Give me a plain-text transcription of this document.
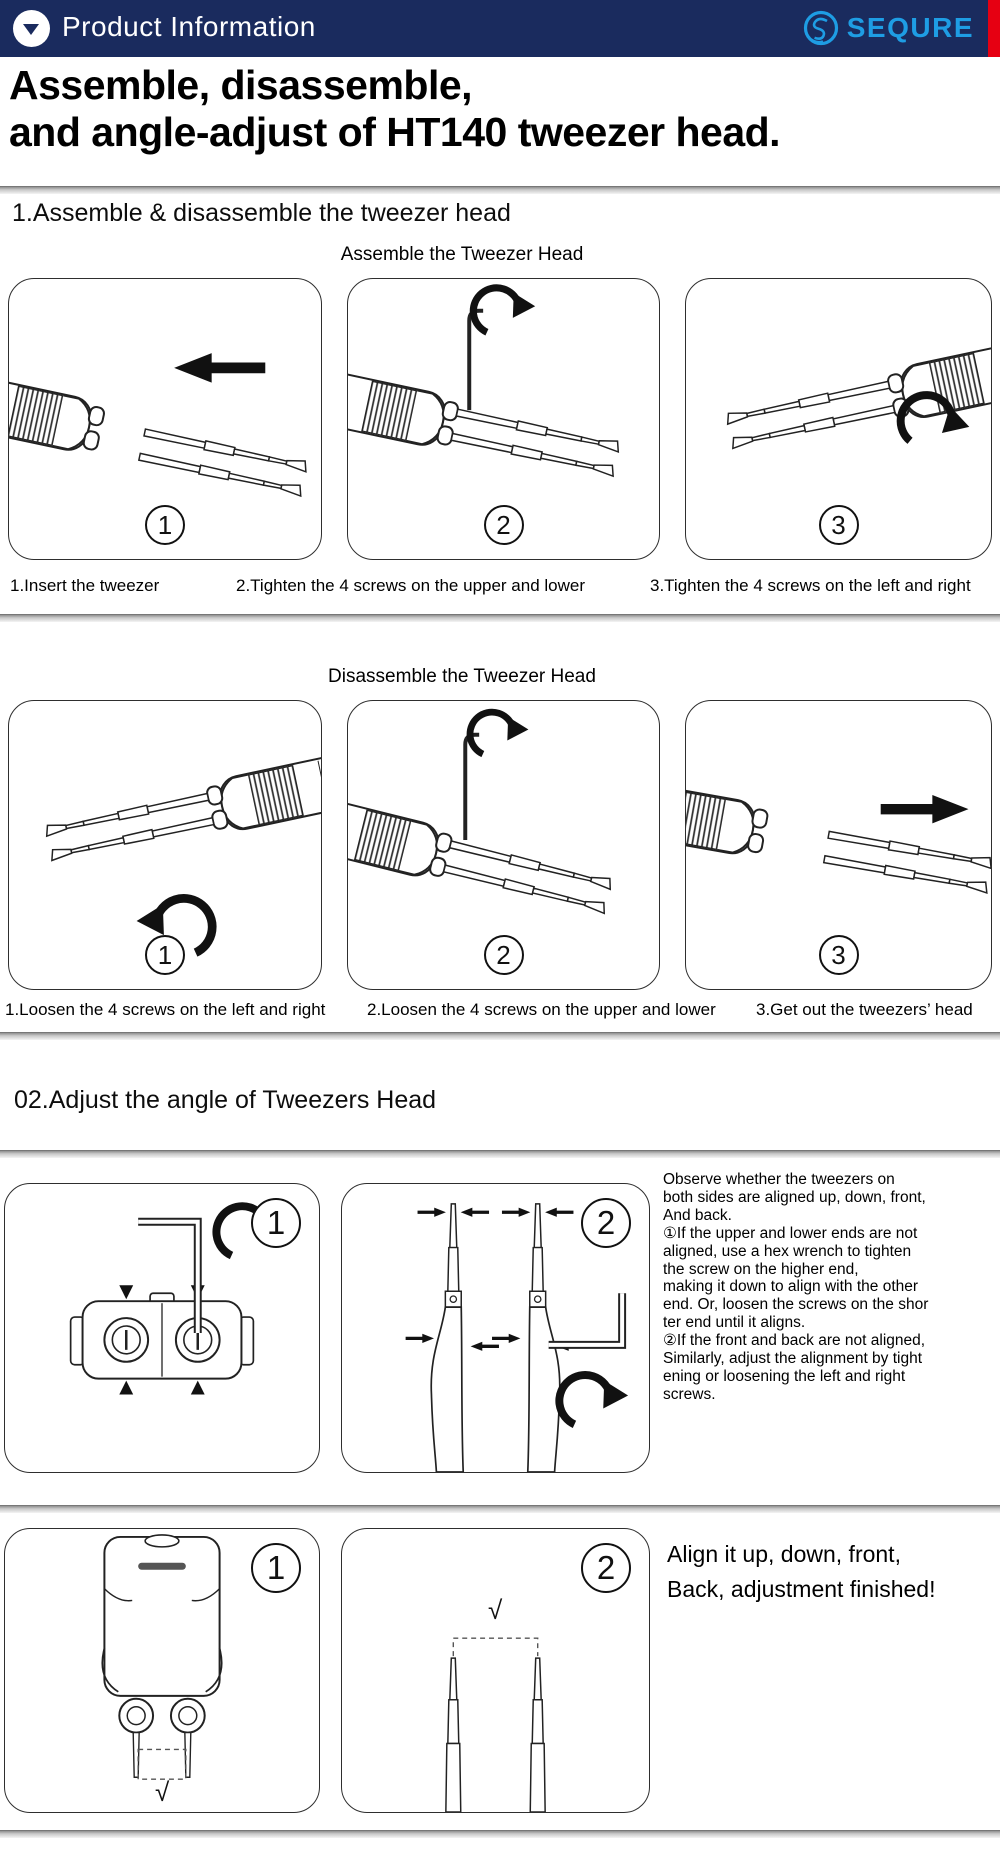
Product Information	SEQURE
Assemble, disassemble,
and angle-adjust of HT140 tweezer head.
1.Assemble & disassemble the tweezer head
Assemble the Tweezer Head
1	2	3
1.Insert the tweezer	2.Tighten the 4 screws on the upper and lower	3.Tighten the 4 screws on the left and right
Disassemble the Tweezer Head
1	2	3
1.Loosen the 4 screws on the left and right 2.Loosen the 4 screws on the upper and lower 3.Get out the tweezers’ head
02.Adjust the angle of Tweezers Head
1	2
Observe whether the tweezers on
both sides are aligned up, down, front,
And back.
①If the upper and lower ends are not
aligned, use a hex wrench to tighten
the screw on the higher end,
making it down to align with the other
end. Or, loosen the screws on the shor
ter end until it aligns.
②If the front and back are not aligned,
Similarly, adjust the alignment by tight
ening or loosening the left and right
screws.
√
1
√
2	Align it up, down, front,
Back, adjustment finished!
